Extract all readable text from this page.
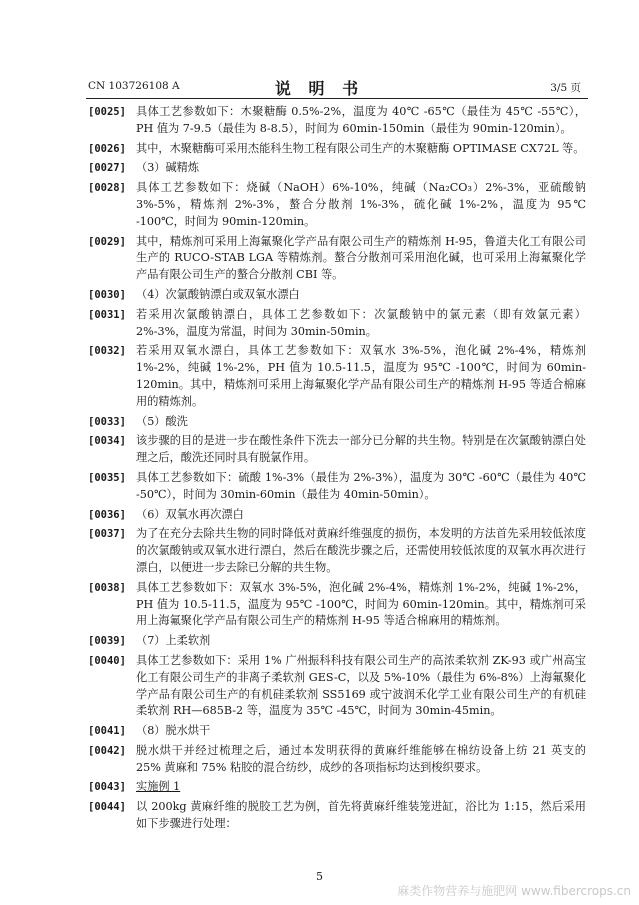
CN 103726108 A	说 明 书	3/5 页
[0025] 具体工艺参数如下：木聚糖酶 0.5%-2%，温度为 40℃ -65℃（最佳为 45℃ -55℃），PH 值为 7-9.5（最佳为 8-8.5），时间为 60min-150min（最佳为 90min-120min）。
[0026] 其中，木聚糖酶可采用杰能科生物工程有限公司生产的木聚糖酶 OPTIMASE CX72L 等。
[0027] （3）碱精炼
[0028] 具体工艺参数如下：烧碱（NaOH）6%-10%，纯碱（Na₂CO₃）2%-3%，亚硫酸钠 3%-5%，精炼剂 2%-3%，螯合分散剂 1%-3%，硫化碱 1%-2%，温度为 95℃ -100℃，时间为 90min-120min。
[0029] 其中，精炼剂可采用上海氟聚化学产品有限公司生产的精炼剂 H-95，鲁道夫化工有限公司生产的 RUCO-STAB LGA 等精炼剂。螯合分散剂可采用泡化碱，也可采用上海氟聚化学产品有限公司生产的螯合分散剂 CBI 等。
[0030] （4）次氯酸钠漂白或双氧水漂白
[0031] 若采用次氯酸钠漂白，具体工艺参数如下：次氯酸钠中的氯元素（即有效氯元素）2%-3%，温度为常温，时间为 30min-50min。
[0032] 若采用双氧水漂白，具体工艺参数如下：双氧水 3%-5%，泡化碱 2%-4%，精炼剂 1%-2%，纯碱 1%-2%，PH 值为 10.5-11.5，温度为 95℃ -100℃，时间为 60min-120min。其中，精炼剂可采用上海氟聚化学产品有限公司生产的精炼剂 H-95 等适合棉麻用的精炼剂。
[0033] （5）酸洗
[0034] 该步骤的目的是进一步在酸性条件下洗去一部分已分解的共生物。特别是在次氯酸钠漂白处理之后，酸洗还同时具有脱氯作用。
[0035] 具体工艺参数如下：硫酸 1%-3%（最佳为 2%-3%），温度为 30℃ -60℃（最佳为 40℃ -50℃），时间为 30min-60min（最佳为 40min-50min）。
[0036] （6）双氧水再次漂白
[0037] 为了在充分去除共生物的同时降低对黄麻纤维强度的损伤，本发明的方法首先采用较低浓度的次氯酸钠或双氧水进行漂白，然后在酸洗步骤之后，还需使用较低浓度的双氧水再次进行漂白，以便进一步去除已分解的共生物。
[0038] 具体工艺参数如下：双氧水 3%-5%，泡化碱 2%-4%，精炼剂 1%-2%，纯碱 1%-2%，PH 值为 10.5-11.5，温度为 95℃ -100℃，时间为 60min-120min。其中，精炼剂可采用上海氟聚化学产品有限公司生产的精炼剂 H-95 等适合棉麻用的精炼剂。
[0039] （7）上柔软剂
[0040] 具体工艺参数如下：采用 1% 广州振科科技有限公司生产的高浓柔软剂 ZK-93 或广州高宝化工有限公司生产的非离子柔软剂 GES-C，以及 5%-10%（最佳为 6%-8%）上海氟聚化学产品有限公司生产的有机硅柔软剂 SS5169 或宁波润禾化学工业有限公司生产的有机硅柔软剂 RH—685B-2 等，温度为 35℃ -45℃，时间为 30min-45min。
[0041] （8）脱水烘干
[0042] 脱水烘干并经过梳理之后，通过本发明获得的黄麻纤维能够在棉纺设备上纺 21 英支的 25% 黄麻和 75% 粘胶的混合纺纱，成纱的各项指标均达到梭织要求。
[0043] 实施例 1
[0044] 以 200kg 黄麻纤维的脱胶工艺为例，首先将黄麻纤维装笼进缸，浴比为 1:15，然后采用如下步骤进行处理：
5
麻类作物营养与施肥网 www.fibercrops.cn
